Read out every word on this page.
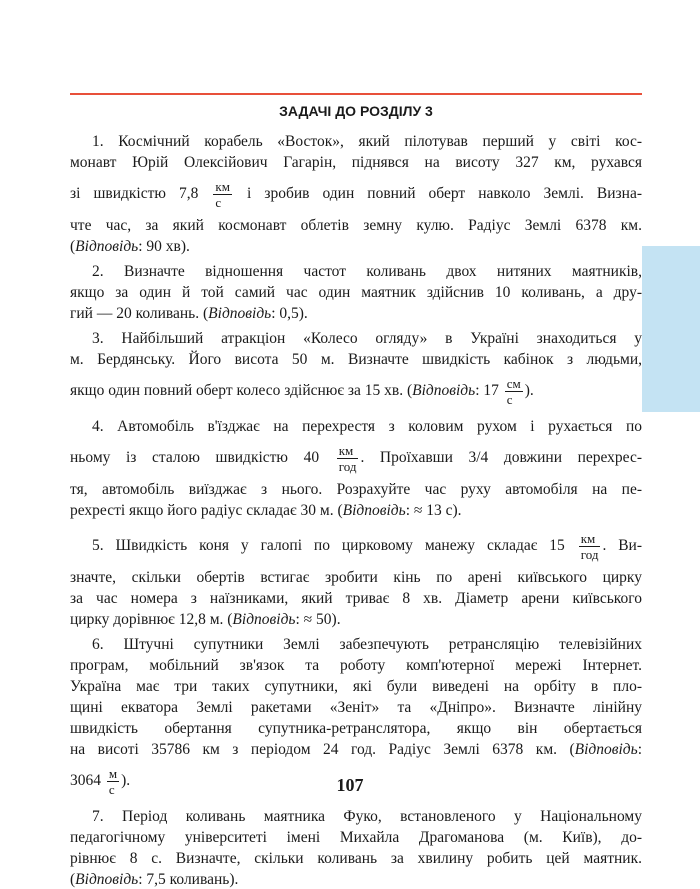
ЗАДАЧІ ДО РОЗДІЛУ 3
1. Космічний корабель «Восток», який пілотував перший у світі кос-
монавт Юрій Олексійович Гагарін, піднявся на висоту 327 км, рухався
зі швидкістю $7,8 \frac{км}{с}$ і зробив один повний оберт навколо Землі. Визна-
чте час, за який космонавт облетів земну кулю. Радіус Землі 6378 км.
(Відповідь: 90 хв).
2. Визначте відношення частот коливань двох нитяних маятників,
якщо за один й той самий час один маятник здійснив 10 коливань, а дру-
гий — 20 коливань. (Відповідь: 0,5).
3. Найбільший атракціон «Колесо огляду» в Україні знаходиться у
м. Бердянську. Його висота 50 м. Визначте швидкість кабінок з людьми,
якщо один повний оберт колесо здійснює за 15 хв. (Відповідь: $17 \frac{см}{с}$ ).
4. Автомобіль в'їзджає на перехрестя з коловим рухом і рухається по
ньому із сталою швидкістю $40 \frac{км}{\text{год}}$ . Проїхавши 3/4 довжини перехрес-
тя, автомобіль виїзджає з нього. Розрахуйте час руху автомобіля на пе-
рехресті якщо його радіус складає 30 м. (Відповідь: ≈ 13 с).
5. Швидкість коня у галопі по цирковому манежу складає $15 \frac{км}{\text{год}}$ . Ви-
значте, скільки обертів встигає зробити кінь по арені київського цирку
за час номера з наїзниками, який триває 8 хв. Діаметр арени київського
цирку дорівнює 12,8 м. (Відповідь: ≈ 50).
6. Штучні супутники Землі забезпечують ретрансляцію телевізійних
програм, мобільний зв'язок та роботу комп'ютерної мережі Інтернет.
Україна має три таких супутники, які були виведені на орбіту в пло-
щині екватора Землі ракетами «Зеніт» та «Дніпро». Визначте лінійну
швидкість обертання супутника-ретранслятора, якщо він обертається
на висоті 35786 км з періодом 24 год. Радіус Землі 6378 км. (Відповідь:
$3064 \frac{м}{с}$ ).
7. Період коливань маятника Фуко, встановленого у Національному
педагогічному університеті імені Михайла Драгоманова (м. Київ), до-
рівнює 8 с. Визначте, скільки коливань за хвилину робить цей маятник.
(Відповідь: 7,5 коливань).
107
